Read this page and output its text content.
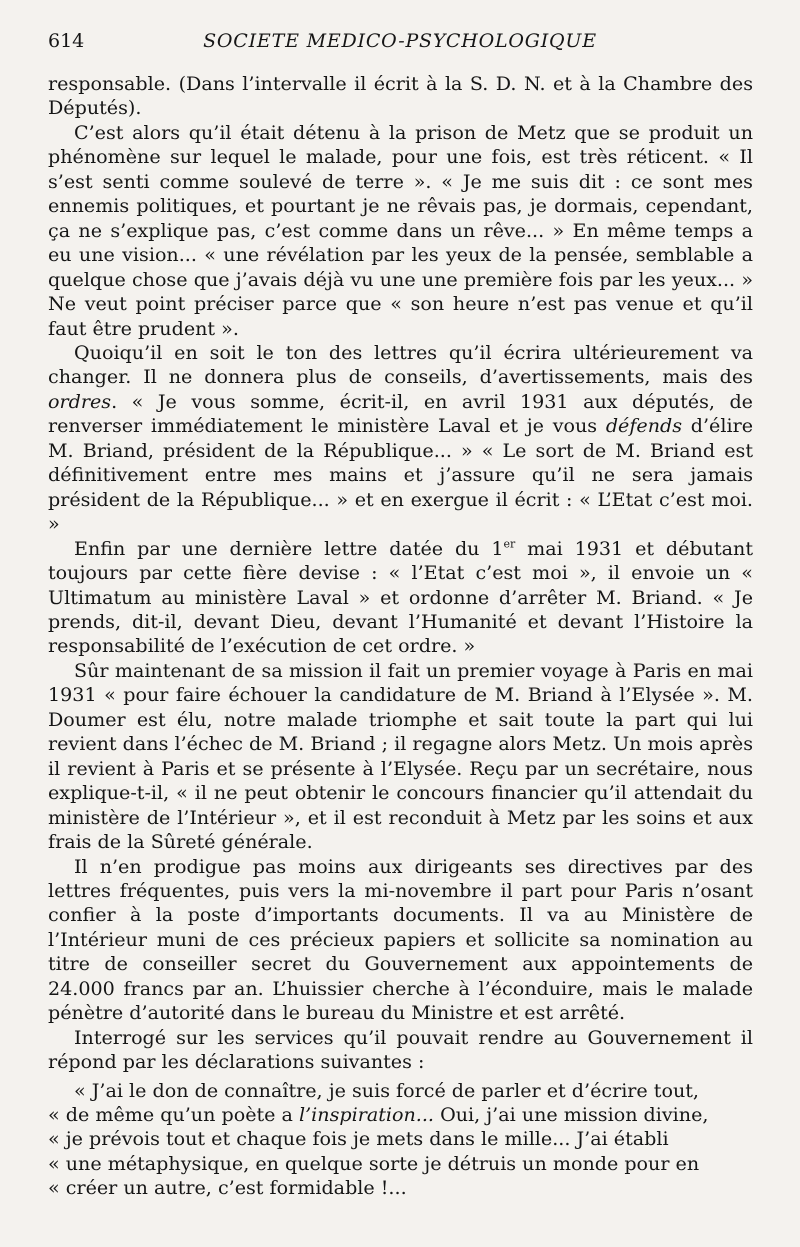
614	SOCIETE MEDICO-PSYCHOLOGIQUE

responsable. (Dans l’intervalle il écrit à la S. D. N. et à la Chambre des Députés).

C’est alors qu’il était détenu à la prison de Metz que se produit un phénomène sur lequel le malade, pour une fois, est très réticent. « Il s’est senti comme soulevé de terre ». « Je me suis dit : ce sont mes ennemis politiques, et pourtant je ne rêvais pas, je dormais, cependant, ça ne s’explique pas, c’est comme dans un rêve... » En même temps a eu une vision... « une révélation par les yeux de la pensée, semblable a quelque chose que j’avais déjà vu une une première fois par les yeux... » Ne veut point préciser parce que « son heure n’est pas venue et qu’il faut être prudent ».

Quoiqu’il en soit le ton des lettres qu’il écrira ultérieurement va changer. Il ne donnera plus de conseils, d’avertissements, mais des ordres. « Je vous somme, écrit-il, en avril 1931 aux députés, de renverser immédiatement le ministère Laval et je vous défends d’élire M. Briand, président de la République... » « Le sort de M. Briand est définitivement entre mes mains et j’assure qu’il ne sera jamais président de la République... » et en exergue il écrit : « L’Etat c’est moi. »

Enfin par une dernière lettre datée du 1er mai 1931 et débutant toujours par cette fière devise : « l’Etat c’est moi », il envoie un « Ultimatum au ministère Laval » et ordonne d’arrêter M. Briand. « Je prends, dit-il, devant Dieu, devant l’Humanité et devant l’Histoire la responsabilité de l’exécution de cet ordre. »

Sûr maintenant de sa mission il fait un premier voyage à Paris en mai 1931 « pour faire échouer la candidature de M. Briand à l’Elysée ». M. Doumer est élu, notre malade triomphe et sait toute la part qui lui revient dans l’échec de M. Briand ; il regagne alors Metz. Un mois après il revient à Paris et se présente à l’Elysée. Reçu par un secrétaire, nous explique-t-il, « il ne peut obtenir le concours financier qu’il attendait du ministère de l’Intérieur », et il est reconduit à Metz par les soins et aux frais de la Sûreté générale.

Il n’en prodigue pas moins aux dirigeants ses directives par des lettres fréquentes, puis vers la mi-novembre il part pour Paris n’osant confier à la poste d’importants documents. Il va au Ministère de l’Intérieur muni de ces précieux papiers et sollicite sa nomination au titre de conseiller secret du Gouvernement aux appointements de 24.000 francs par an. L’huissier cherche à l’éconduire, mais le malade pénètre d’autorité dans le bureau du Ministre et est arrêté.

Interrogé sur les services qu’il pouvait rendre au Gouvernement il répond par les déclarations suivantes :

« J’ai le don de connaître, je suis forcé de parler et d’écrire tout,

« de même qu’un poète a l’inspiration... Oui, j’ai une mission divine,

« je prévois tout et chaque fois je mets dans le mille... J’ai établi

« une métaphysique, en quelque sorte je détruis un monde pour en

« créer un autre, c’est formidable !...
